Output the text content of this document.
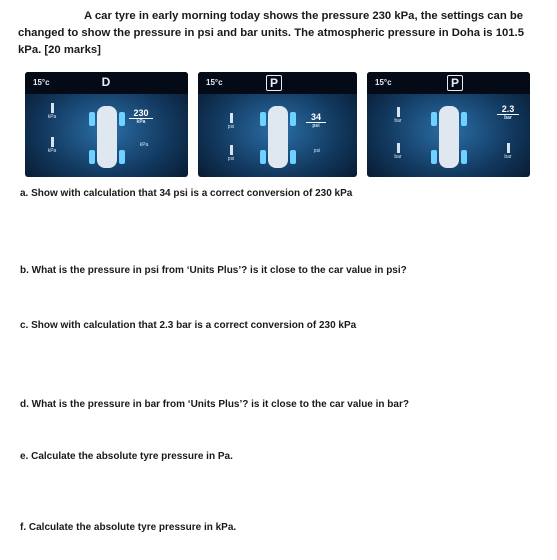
A car tyre in early morning today shows the pressure 230 kPa, the settings can be changed to show the pressure in psi and bar units. The atmospheric pressure in Doha is 101.5 kPa. [20 marks]
15°c	D
kPa
kPa
230
kPa
kPa
15°c	P
psi
psi
34
psi
psi
15°c	P
bar
bar
2.3
bar
bar
a. Show with calculation that 34 psi is a correct conversion of 230 kPa
b. What is the pressure in psi from ‘Units Plus’? is it close to the car value in psi?
c. Show with calculation that 2.3 bar is a correct conversion of 230 kPa
d. What is the pressure in bar from ‘Units Plus’? is it close to the car value in bar?
e. Calculate the absolute tyre pressure in Pa.
f. Calculate the absolute tyre pressure in kPa.
